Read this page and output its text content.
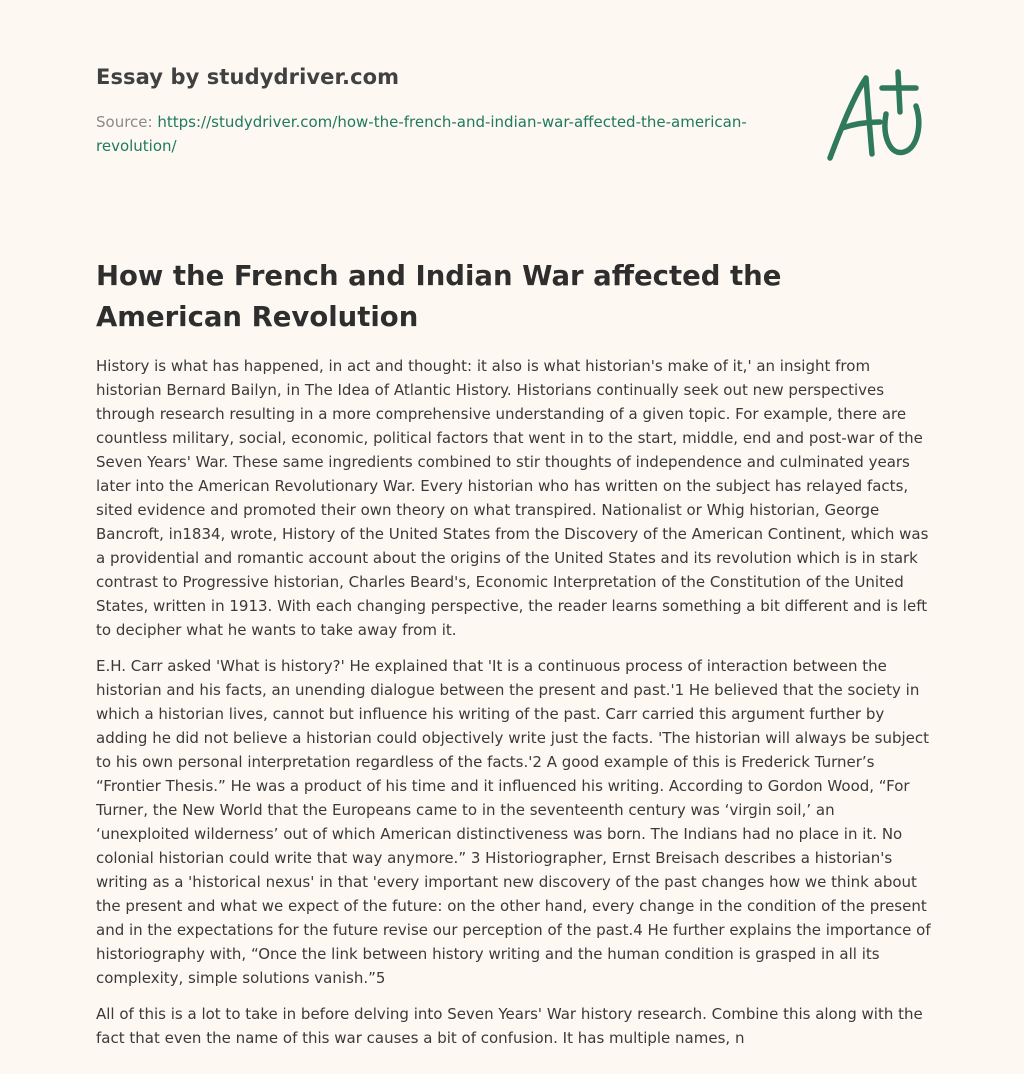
Essay by studydriver.com
Source: https://studydriver.com/how-the-french-and-indian-war-affected-the-american-revolution/
How the French and Indian War affected the American Revolution

History is what has happened, in act and thought: it also is what historian's make of it,' an insight from historian Bernard Bailyn, in The Idea of Atlantic History. Historians continually seek out new perspectives through research resulting in a more comprehensive understanding of a given topic. For example, there are countless military, social, economic, political factors that went in to the start, middle, end and post-war of the Seven Years' War. These same ingredients combined to stir thoughts of independence and culminated years later into the American Revolutionary War. Every historian who has written on the subject has relayed facts, sited evidence and promoted their own theory on what transpired. Nationalist or Whig historian, George Bancroft, in1834, wrote, History of the United States from the Discovery of the American Continent, which was a providential and romantic account about the origins of the United States and its revolution which is in stark contrast to Progressive historian, Charles Beard's, Economic Interpretation of the Constitution of the United States, written in 1913. With each changing perspective, the reader learns something a bit different and is left to decipher what he wants to take away from it.

E.H. Carr asked 'What is history?' He explained that 'It is a continuous process of interaction between the historian and his facts, an unending dialogue between the present and past.'1 He believed that the society in which a historian lives, cannot but influence his writing of the past. Carr carried this argument further by adding he did not believe a historian could objectively write just the facts. 'The historian will always be subject to his own personal interpretation regardless of the facts.'2 A good example of this is Frederick Turner’s “Frontier Thesis.” He was a product of his time and it influenced his writing. According to Gordon Wood, “For Turner, the New World that the Europeans came to in the seventeenth century was ‘virgin soil,’ an ‘unexploited wilderness’ out of which American distinctiveness was born. The Indians had no place in it. No colonial historian could write that way anymore.” 3 Historiographer, Ernst Breisach describes a historian's writing as a 'historical nexus' in that 'every important new discovery of the past changes how we think about the present and what we expect of the future: on the other hand, every change in the condition of the present and in the expectations for the future revise our perception of the past.4 He further explains the importance of historiography with, “Once the link between history writing and the human condition is grasped in all its complexity, simple solutions vanish.”5

All of this is a lot to take in before delving into Seven Years' War history research. Combine this along with the fact that even the name of this war causes a bit of confusion. It has multiple names, n
